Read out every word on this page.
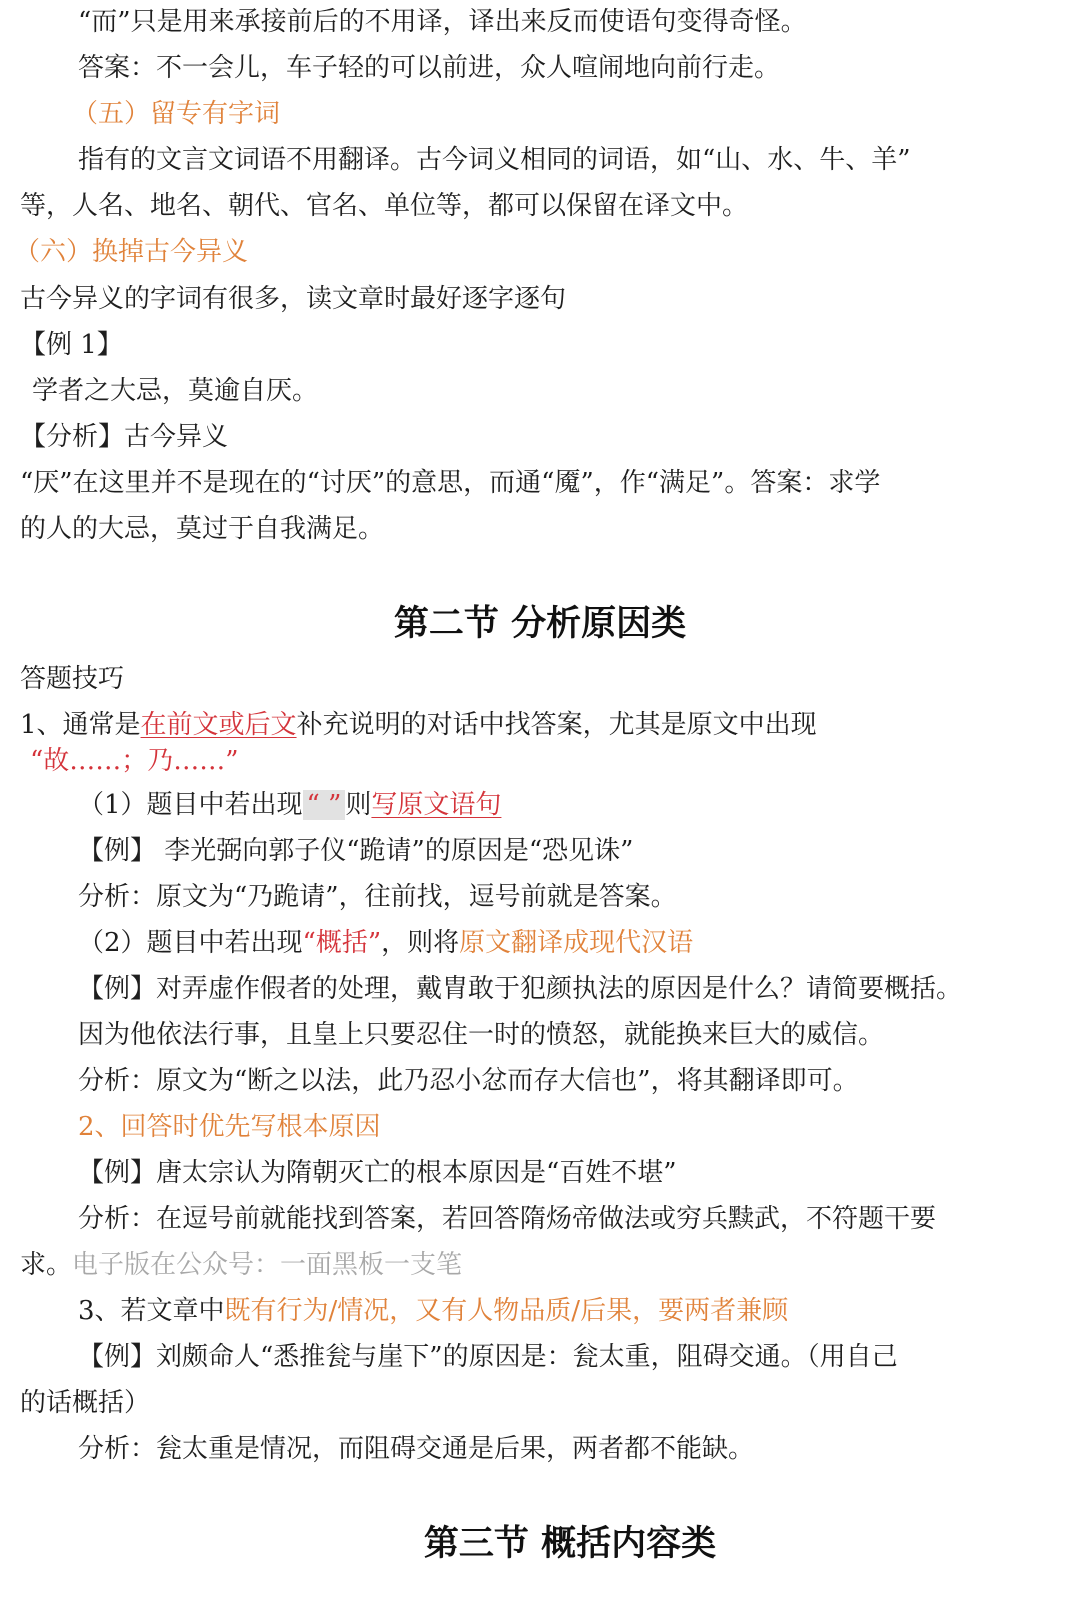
“而”只是用来承接前后的不用译，译出来反而使语句变得奇怪。
答案：不一会儿，车子轻的可以前进，众人喧闹地向前行走。
（五）留专有字词
指有的文言文词语不用翻译。古今词义相同的词语，如“山、水、牛、羊”
等，人名、地名、朝代、官名、单位等，都可以保留在译文中。
（六）换掉古今异义
古今异义的字词有很多，读文章时最好逐字逐句
【例 1】
学者之大忌，莫逾自厌。
【分析】古今异义
“厌”在这里并不是现在的“讨厌”的意思，而通“魇”，作“满足”。答案：求学
的人的大忌，莫过于自我满足。
第二节 分析原因类
答题技巧
1、通常是在前文或后文补充说明的对话中找答案，尤其是原文中出现
“故……；乃……”
（1）题目中若出现 “ ” 则写原文语句
【例】 李光弼向郭子仪“跪请”的原因是“恐见诛”
分析：原文为“乃跪请”，往前找，逗号前就是答案。
（2）题目中若出现“概括”，则将原文翻译成现代汉语
【例】对弄虚作假者的处理，戴胄敢于犯颜执法的原因是什么？请简要概括。
因为他依法行事，且皇上只要忍住一时的愤怒，就能换来巨大的威信。
分析：原文为“断之以法，此乃忍小忿而存大信也”，将其翻译即可。
2、回答时优先写根本原因
【例】唐太宗认为隋朝灭亡的根本原因是“百姓不堪”
分析：在逗号前就能找到答案，若回答隋炀帝做法或穷兵黩武，不符题干要
求。电子版在公众号：一面黑板一支笔
3、若文章中既有行为/情况，又有人物品质/后果，要两者兼顾
【例】刘颇命人“悉推瓮与崖下”的原因是：瓮太重，阻碍交通。（用自己
的话概括）
分析：瓮太重是情况，而阻碍交通是后果，两者都不能缺。
第三节 概括内容类
